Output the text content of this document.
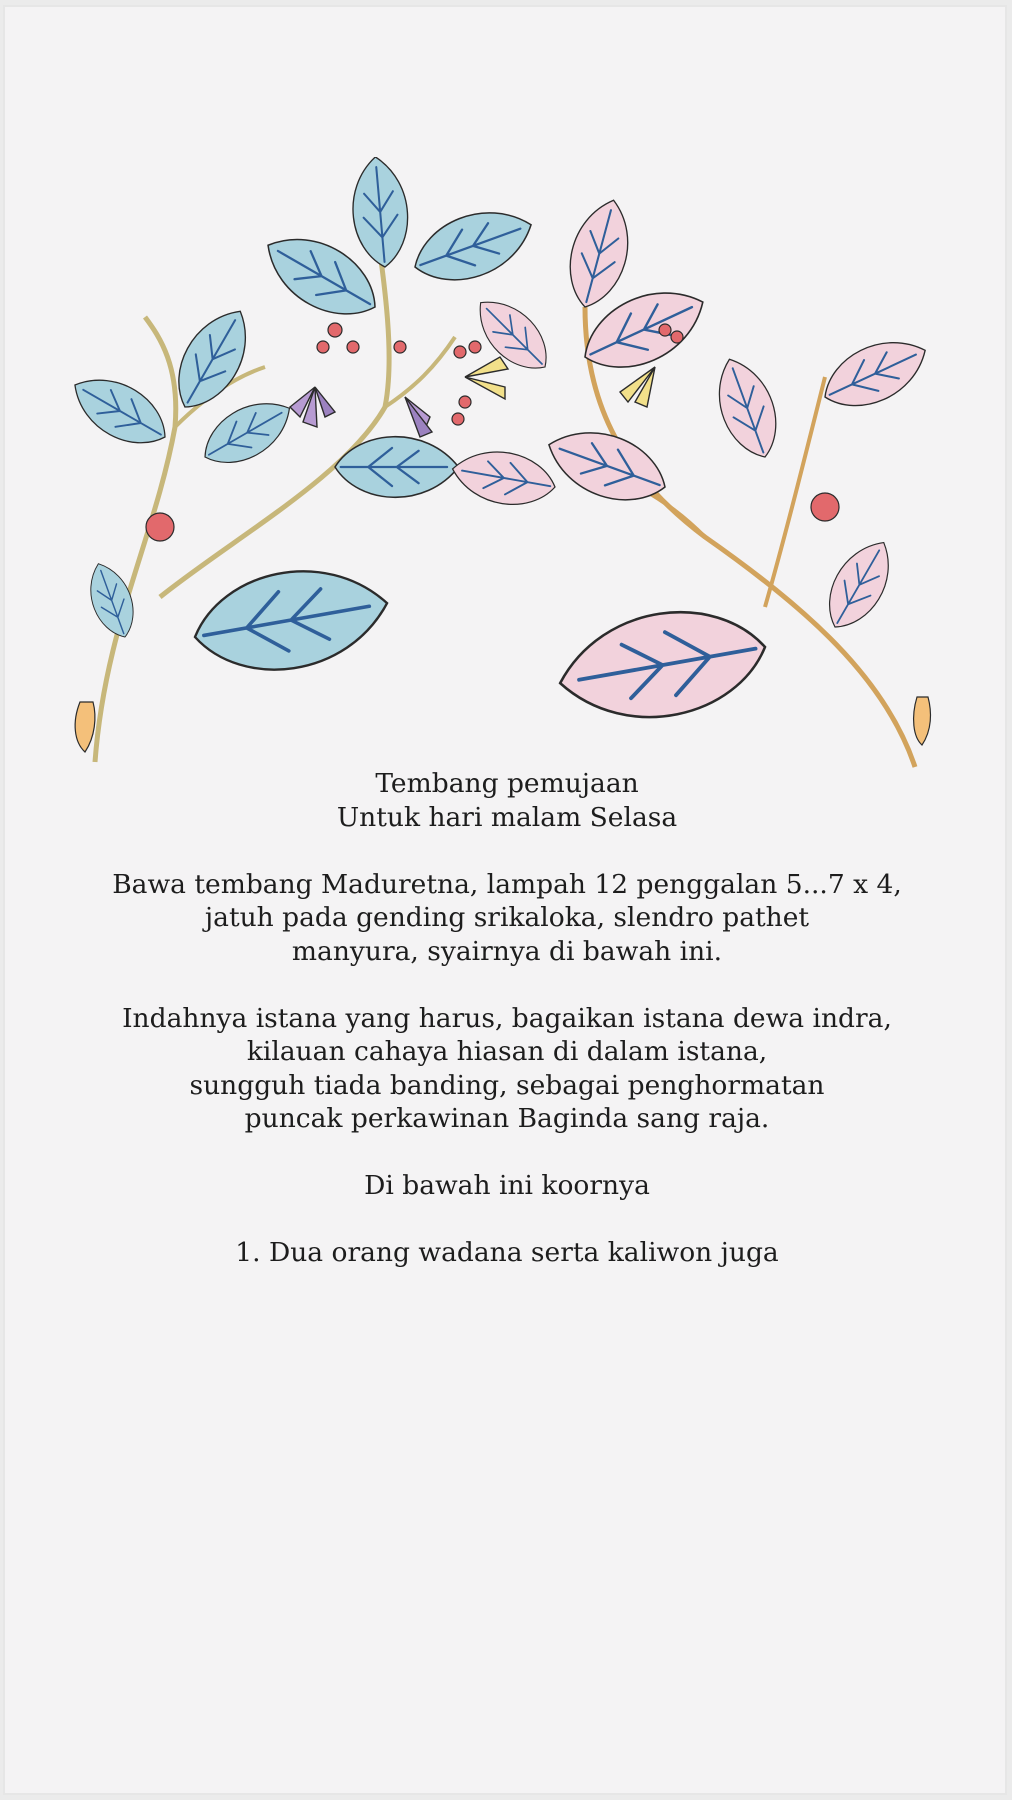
Tembang pemujaan
Untuk hari malam Selasa
Bawa tembang Maduretna, lampah 12 penggalan 5...7 x 4,
jatuh pada gending srikaloka, slendro pathet
manyura, syairnya di bawah ini.
Indahnya istana yang harus, bagaikan istana dewa indra,
kilauan cahaya hiasan di dalam istana,
sungguh tiada banding, sebagai penghormatan
puncak perkawinan Baginda sang raja.
Di bawah ini koornya
1. Dua orang wadana serta kaliwon juga
